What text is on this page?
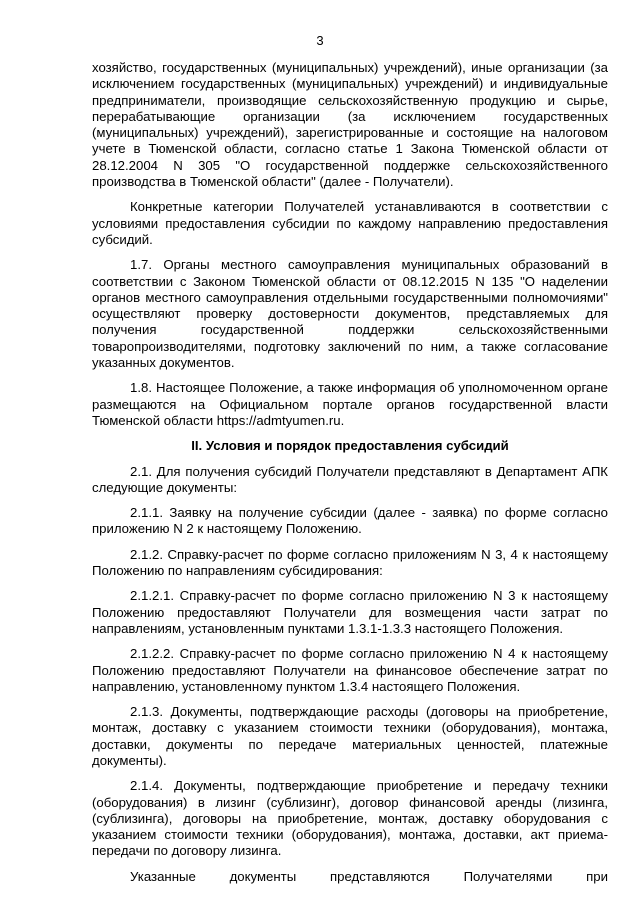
3

хозяйство, государственных (муниципальных) учреждений), иные организации (за исключением государственных (муниципальных) учреждений) и индивидуальные предприниматели, производящие сельскохозяйственную продукцию и сырье, перерабатывающие организации (за исключением государственных (муниципальных) учреждений), зарегистрированные и состоящие на налоговом учете в Тюменской области, согласно статье 1 Закона Тюменской области от 28.12.2004 N 305 "О государственной поддержке сельскохозяйственного производства в Тюменской области" (далее - Получатели).

Конкретные категории Получателей устанавливаются в соответствии с условиями предоставления субсидии по каждому направлению предоставления субсидий.

1.7. Органы местного самоуправления муниципальных образований в соответствии с Законом Тюменской области от 08.12.2015 N 135 "О наделении органов местного самоуправления отдельными государственными полномочиями" осуществляют проверку достоверности документов, представляемых для получения государственной поддержки сельскохозяйственными товаропроизводителями, подготовку заключений по ним, а также согласование указанных документов.

1.8. Настоящее Положение, а также информация об уполномоченном органе размещаются на Официальном портале органов государственной власти Тюменской области https://admtyumen.ru.

II. Условия и порядок предоставления субсидий

2.1. Для получения субсидий Получатели представляют в Департамент АПК следующие документы:

2.1.1. Заявку на получение субсидии (далее - заявка) по форме согласно приложению N 2 к настоящему Положению.

2.1.2. Справку-расчет по форме согласно приложениям N 3, 4 к настоящему Положению по направлениям субсидирования:

2.1.2.1. Справку-расчет по форме согласно приложению N 3 к настоящему Положению предоставляют Получатели для возмещения части затрат по направлениям, установленным пунктами 1.3.1-1.3.3 настоящего Положения.

2.1.2.2. Справку-расчет по форме согласно приложению N 4 к настоящему Положению предоставляют Получатели на финансовое обеспечение затрат по направлению, установленному пунктом 1.3.4 настоящего Положения.

2.1.3. Документы, подтверждающие расходы (договоры на приобретение, монтаж, доставку с указанием стоимости техники (оборудования), монтажа, доставки, документы по передаче материальных ценностей, платежные документы).

2.1.4. Документы, подтверждающие приобретение и передачу техники (оборудования) в лизинг (сублизинг), договор финансовой аренды (лизинга, (сублизинга), договоры на приобретение, монтаж, доставку оборудования с указанием стоимости техники (оборудования), монтажа, доставки, акт приема-передачи по договору лизинга.

Указанные документы представляются Получателями при
